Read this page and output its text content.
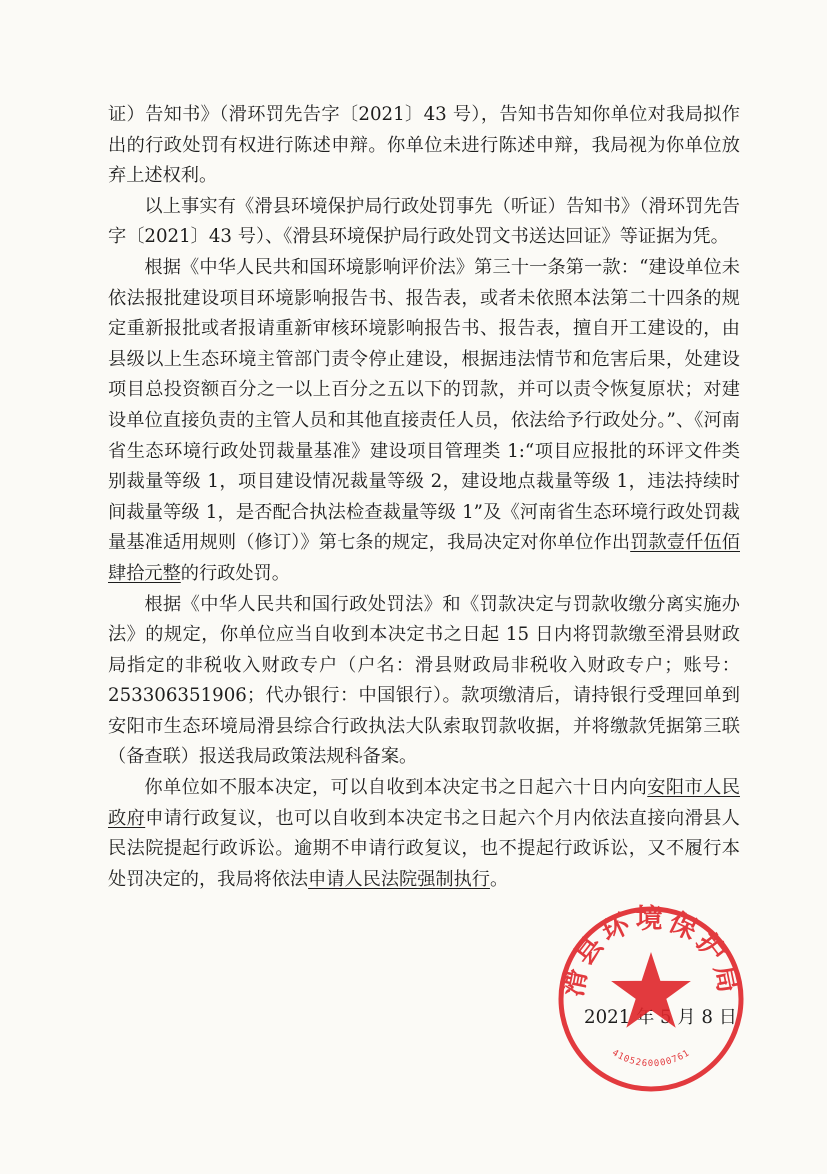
证）告知书》（滑环罚先告字〔2021〕43 号），告知书告知你单位对我局拟作出的行政处罚有权进行陈述申辩。你单位未进行陈述申辩，我局视为你单位放弃上述权利。

以上事实有《滑县环境保护局行政处罚事先（听证）告知书》（滑环罚先告字〔2021〕43 号）、《滑县环境保护局行政处罚文书送达回证》等证据为凭。

根据《中华人民共和国环境影响评价法》第三十一条第一款：“建设单位未依法报批建设项目环境影响报告书、报告表，或者未依照本法第二十四条的规定重新报批或者报请重新审核环境影响报告书、报告表，擅自开工建设的，由县级以上生态环境主管部门责令停止建设，根据违法情节和危害后果，处建设项目总投资额百分之一以上百分之五以下的罚款，并可以责令恢复原状；对建设单位直接负责的主管人员和其他直接责任人员，依法给予行政处分。”、《河南省生态环境行政处罚裁量基准》建设项目管理类 1:“项目应报批的环评文件类别裁量等级 1，项目建设情况裁量等级 2，建设地点裁量等级 1，违法持续时间裁量等级 1，是否配合执法检查裁量等级 1”及《河南省生态环境行政处罚裁量基准适用规则（修订）》第七条的规定，我局决定对你单位作出罚款壹仟伍佰肆拾元整的行政处罚。

根据《中华人民共和国行政处罚法》和《罚款决定与罚款收缴分离实施办法》的规定，你单位应当自收到本决定书之日起 15 日内将罚款缴至滑县财政局指定的非税收入财政专户（户名：滑县财政局非税收入财政专户；账号：253306351906；代办银行：中国银行）。款项缴清后，请持银行受理回单到安阳市生态环境局滑县综合行政执法大队索取罚款收据，并将缴款凭据第三联（备查联）报送我局政策法规科备案。

你单位如不服本决定，可以自收到本决定书之日起六十日内向安阳市人民政府申请行政复议，也可以自收到本决定书之日起六个月内依法直接向滑县人民法院提起行政诉讼。逾期不申请行政复议，也不提起行政诉讼，又不履行本处罚决定的，我局将依法申请人民法院强制执行。

2021 年 5 月 8 日
滑县环境保护局
4105260000761
